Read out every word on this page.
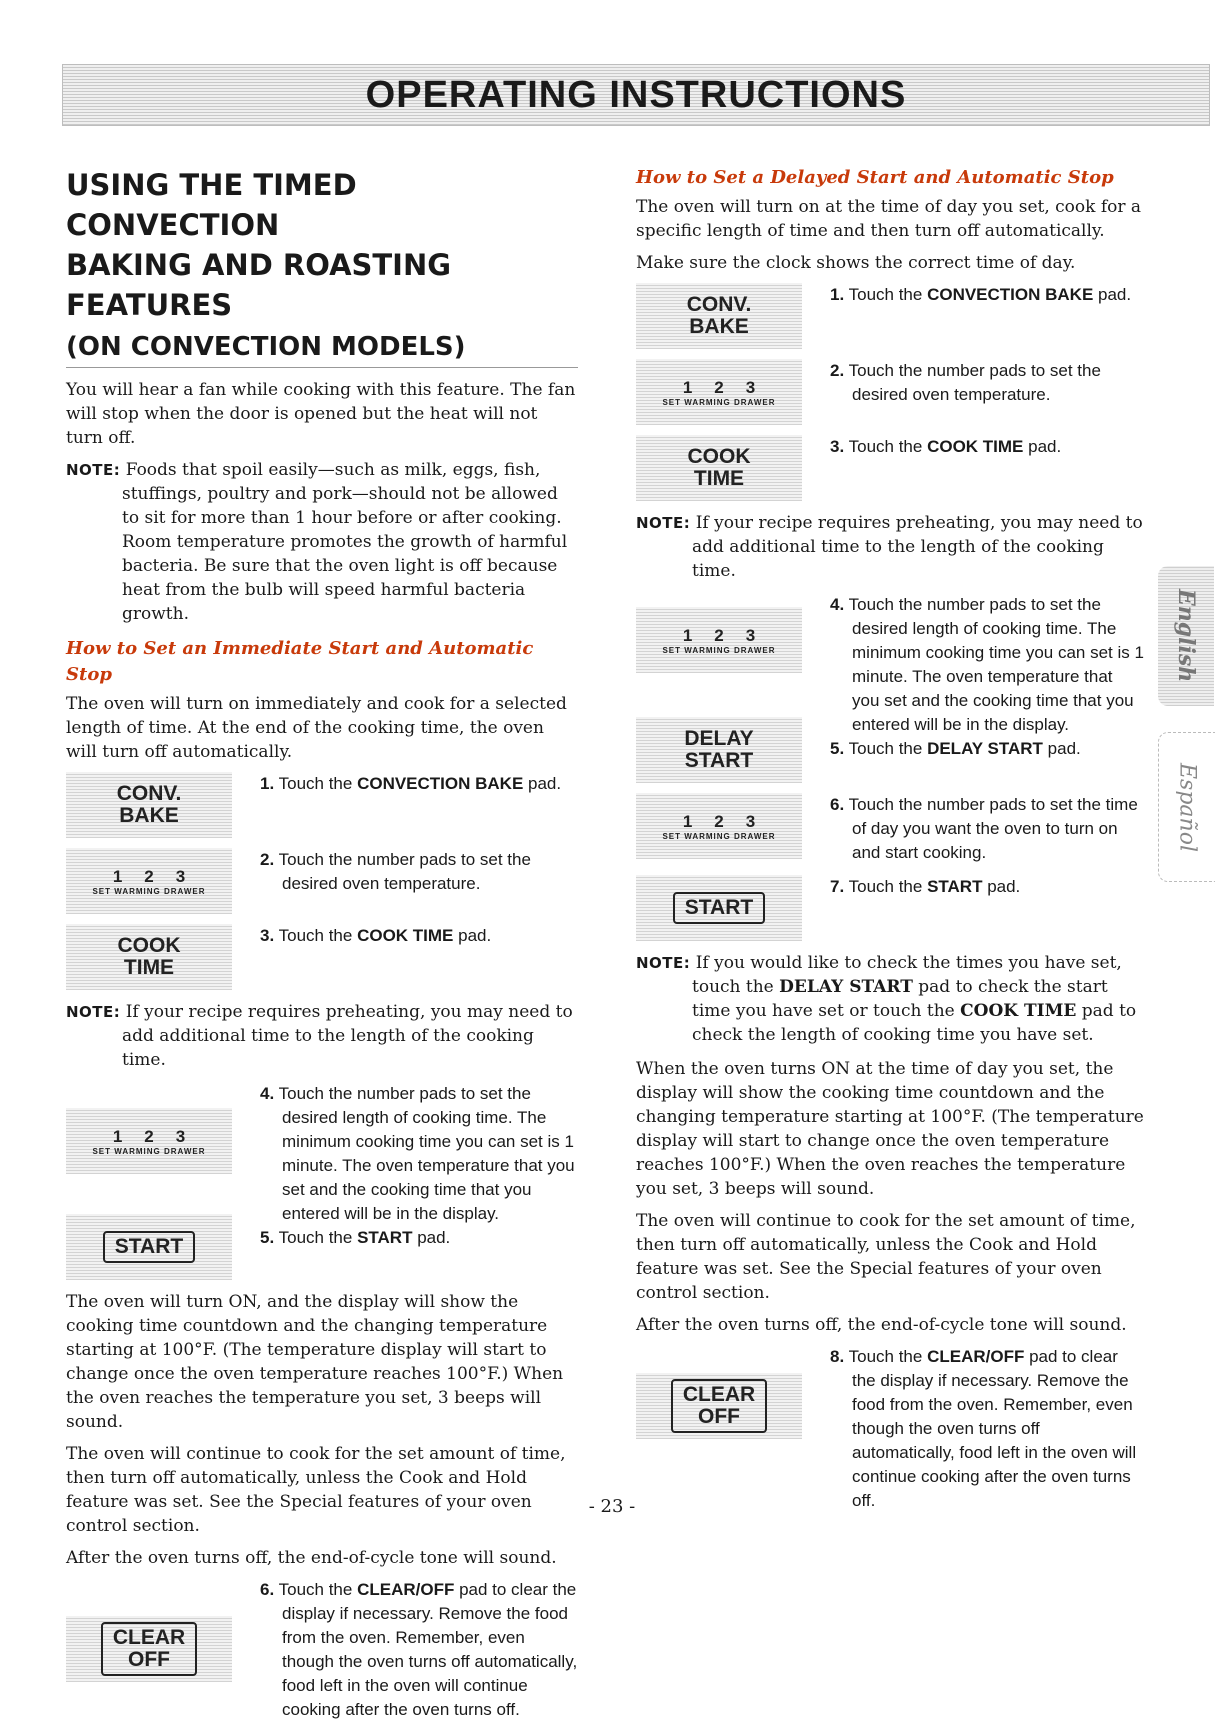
OPERATING INSTRUCTIONS
USING THE TIMED CONVECTION
BAKING AND ROASTING FEATURES
(ON CONVECTION MODELS)

You will hear a fan while cooking with this feature. The fan will stop when the door is opened but the heat will not turn off.

NOTE: Foods that spoil easily—such as milk, eggs, fish, stuffings, poultry and pork—should not be allowed to sit for more than 1 hour before or after cooking. Room temperature promotes the growth of harmful bacteria. Be sure that the oven light is off because heat from the bulb will speed harmful bacteria growth.

How to Set an Immediate Start and Automatic Stop

The oven will turn on immediately and cook for a selected length of time. At the end of the cooking time, the oven will turn off automatically.

CONV.
BAKE
1. Touch the CONVECTION BAKE pad.
123
SET WARMING DRAWER
2. Touch the number pads to set the desired oven temperature.
COOK
TIME
3. Touch the COOK TIME pad.

NOTE: If your recipe requires preheating, you may need to add additional time to the length of the cooking time.

123
SET WARMING DRAWER
START
4. Touch the number pads to set the desired length of cooking time. The minimum cooking time you can set is 1 minute. The oven temperature that you set and the cooking time that you entered will be in the display.
5. Touch the START pad.

The oven will turn ON, and the display will show the cooking time countdown and the changing temperature starting at 100°F. (The temperature display will start to change once the oven temperature reaches 100°F.) When the oven reaches the temperature you set, 3 beeps will sound.

The oven will continue to cook for the set amount of time, then turn off automatically, unless the Cook and Hold feature was set. See the Special features of your oven control section.

After the oven turns off, the end-of-cycle tone will sound.

CLEAR
OFF
6. Touch the CLEAR/OFF pad to clear the display if necessary. Remove the food from the oven. Remember, even though the oven turns off automatically, food left in the oven will continue cooking after the oven turns off.
How to Set a Delayed Start and Automatic Stop

The oven will turn on at the time of day you set, cook for a specific length of time and then turn off automatically.

Make sure the clock shows the correct time of day.

CONV.
BAKE
1. Touch the CONVECTION BAKE pad.
123
SET WARMING DRAWER
2. Touch the number pads to set the desired oven temperature.
COOK
TIME
3. Touch the COOK TIME pad.

NOTE: If your recipe requires preheating, you may need to add additional time to the length of the cooking time.

123
SET WARMING DRAWER
DELAY
START
4. Touch the number pads to set the desired length of cooking time. The minimum cooking time you can set is 1 minute. The oven temperature that you set and the cooking time that you entered will be in the display.
5. Touch the DELAY START pad.
123
SET WARMING DRAWER
6. Touch the number pads to set the time of day you want the oven to turn on and start cooking.
START
7. Touch the START pad.

NOTE: If you would like to check the times you have set, touch the DELAY START pad to check the start time you have set or touch the COOK TIME pad to check the length of cooking time you have set.

When the oven turns ON at the time of day you set, the display will show the cooking time countdown and the changing temperature starting at 100°F. (The temperature display will start to change once the oven temperature reaches 100°F.) When the oven reaches the temperature you set, 3 beeps will sound.

The oven will continue to cook for the set amount of time, then turn off automatically, unless the Cook and Hold feature was set. See the Special features of your oven control section.

After the oven turns off, the end-of-cycle tone will sound.

CLEAR
OFF
8. Touch the CLEAR/OFF pad to clear the display if necessary. Remove the food from the oven. Remember, even though the oven turns off automatically, food left in the oven will continue cooking after the oven turns off.
English
Español
- 23 -
